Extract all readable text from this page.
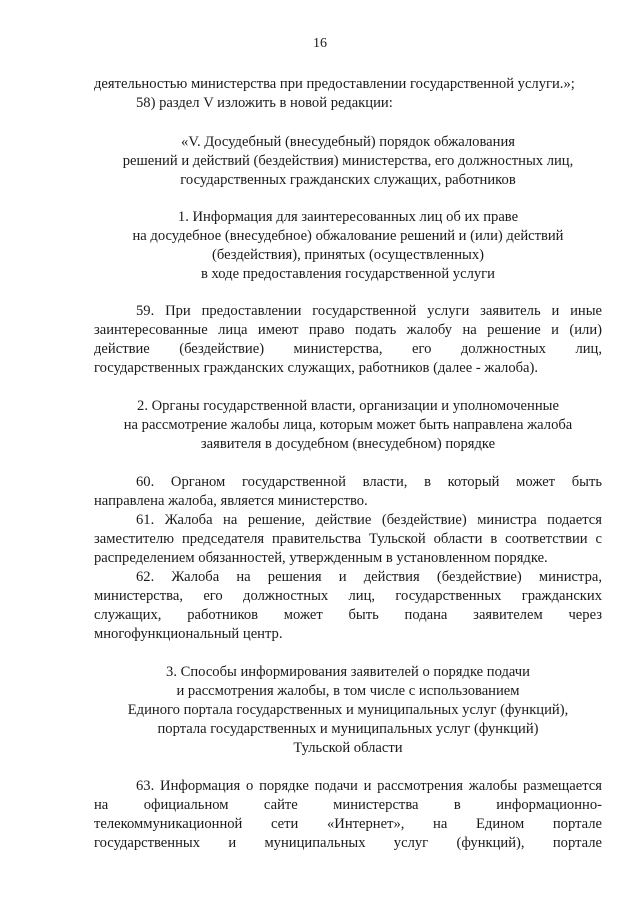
16
деятельностью министерства при предоставлении государственной услуги.»;
58) раздел V изложить в новой редакции:
«V. Досудебный (внесудебный) порядок обжалования
решений и действий (бездействия) министерства, его должностных лиц,
государственных гражданских служащих, работников
1. Информация для заинтересованных лиц об их праве
на досудебное (внесудебное) обжалование решений и (или) действий
(бездействия), принятых (осуществленных)
в ходе предоставления государственной услуги
59. При предоставлении государственной услуги заявитель и иные
заинтересованные лица имеют право подать жалобу на решение и (или)
действие (бездействие) министерства, его должностных лиц,
государственных гражданских служащих, работников (далее - жалоба).
2. Органы государственной власти, организации и уполномоченные
на рассмотрение жалобы лица, которым может быть направлена жалоба
заявителя в досудебном (внесудебном) порядке
60. Органом государственной власти, в который может быть
направлена жалоба, является министерство.
61. Жалоба на решение, действие (бездействие) министра подается
заместителю председателя правительства Тульской области в соответствии с
распределением обязанностей, утвержденным в установленном порядке.
62. Жалоба на решения и действия (бездействие) министра,
министерства, его должностных лиц, государственных гражданских
служащих, работников может быть подана заявителем через
многофункциональный центр.
3. Способы информирования заявителей о порядке подачи
и рассмотрения жалобы, в том числе с использованием
Единого портала государственных и муниципальных услуг (функций),
портала государственных и муниципальных услуг (функций)
Тульской области
63. Информация о порядке подачи и рассмотрения жалобы размещается
на официальном сайте министерства в информационно-
телекоммуникационной сети «Интернет», на Едином портале
государственных и муниципальных услуг (функций), портале
